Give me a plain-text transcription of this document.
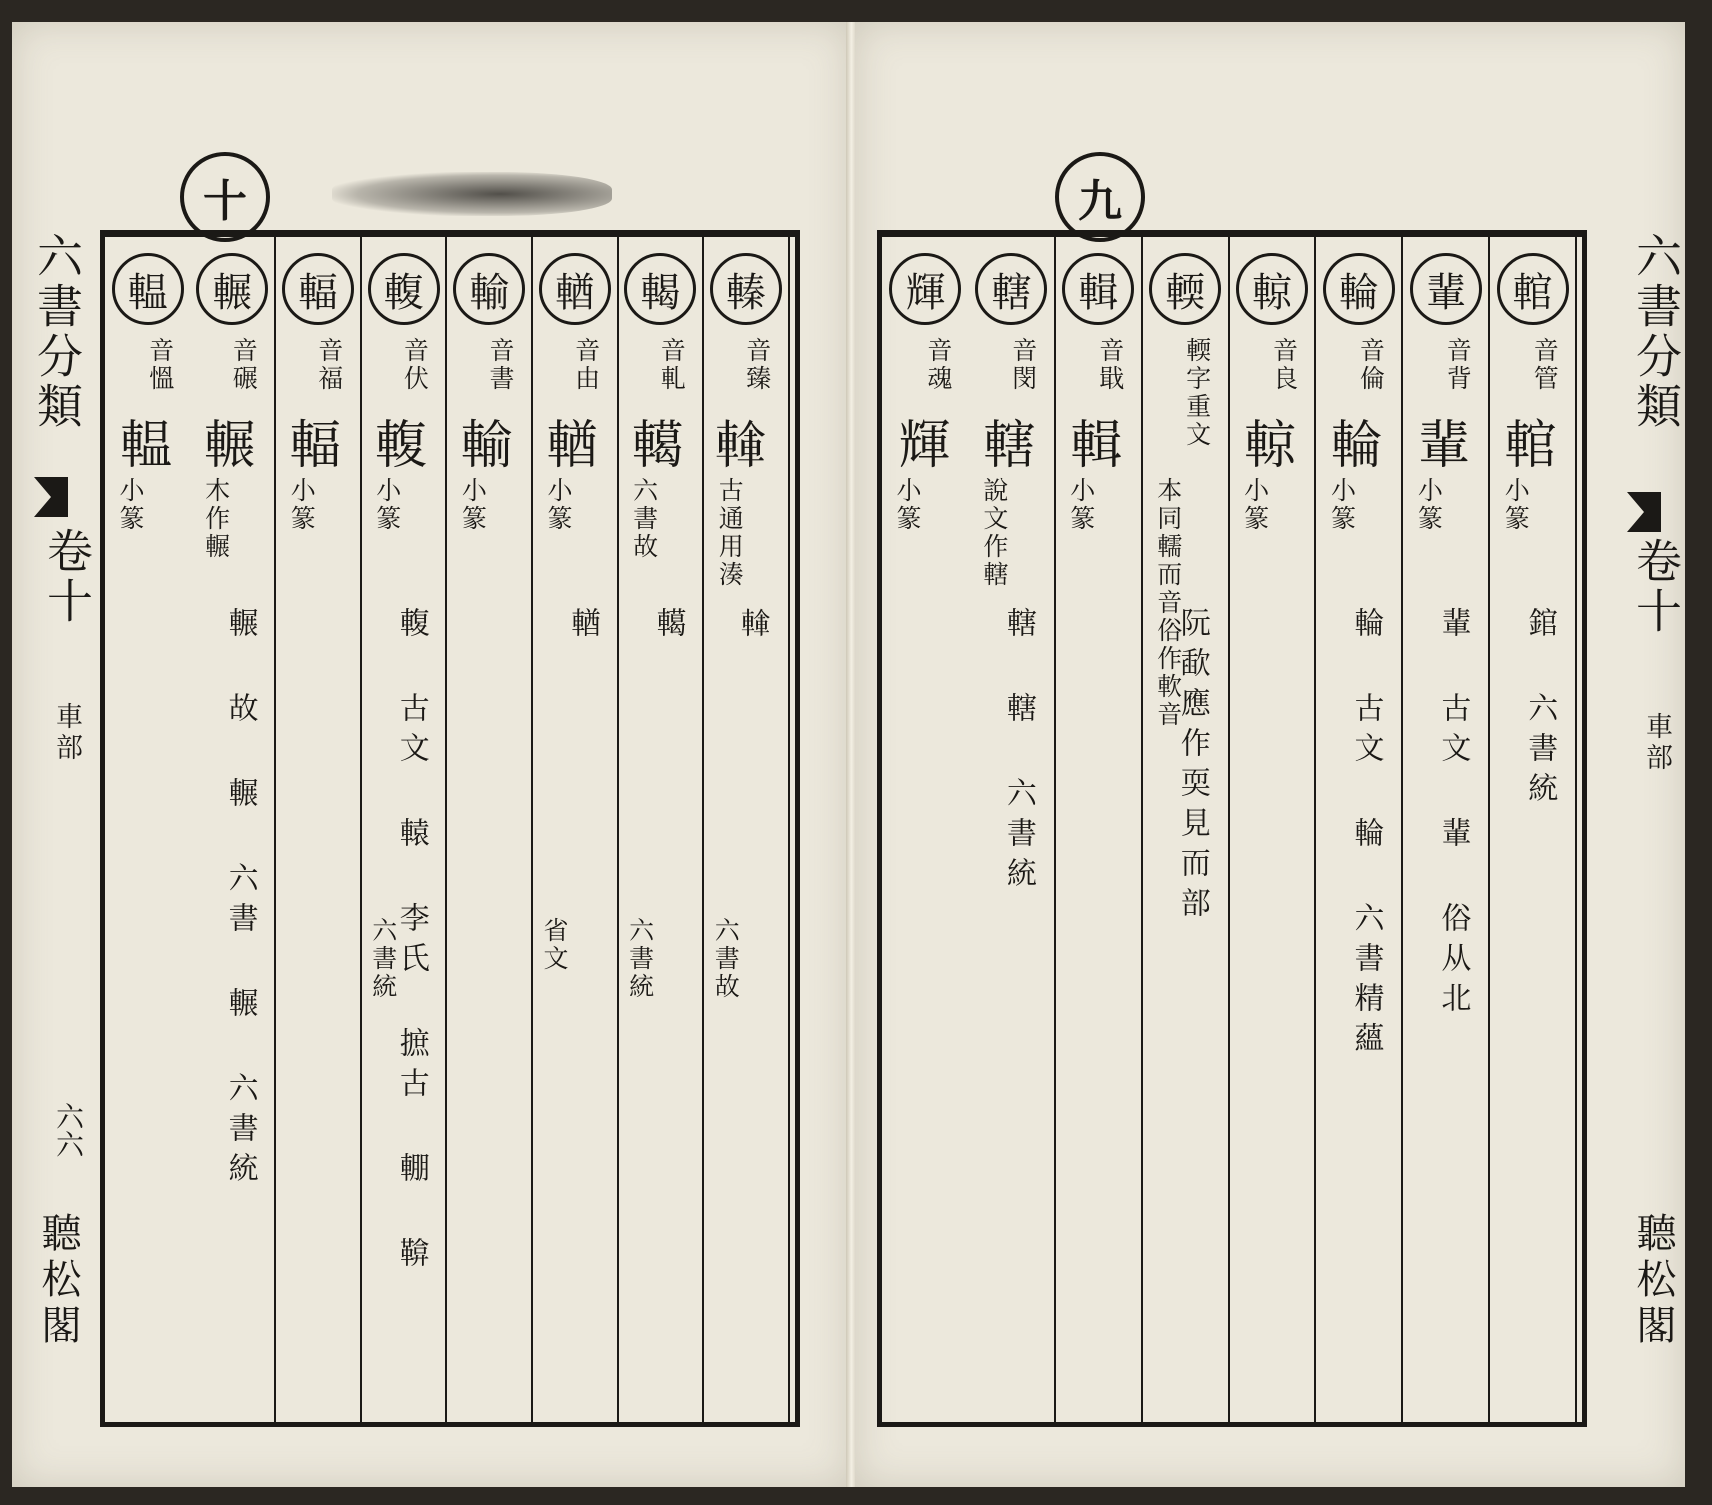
十
六書分類
卷十
車部
六六
聽松閣
轃
音臻
𨍓
古通用湊
𨍓
六書故
輵
音軋
轕
六書故
轕
六書統
輶
音由
輶
小篆
輶
省文
輸
音書
輸
小篆
輹
音伏
輹
小篆
輹 古文 轅 李氏 摭古 輣 鞥
六書統
輻
音福
輻
小篆
輾
音碾
輾
木作輾
輾 故 輾 六書 輾 六書統
輼
音慍
輼
小篆
九
輨
音管
輨
小篆
錧 六書統
輩
音背
輩
小篆
輩 古文 輩 俗从北
輪
音倫
輪
小篆
輪 古文 輪 六書精蘊
輬
音良
輬
小篆
輭
輭字重文
本同轜而音俗作軟音
阮歃應作耎見而部
輯
音戢
輯
小篆
轄
音閔
轄
說文作轄
轄 轄 六書統
輝
音魂
輝
小篆
六書分類
卷十
車部
聽松閣
